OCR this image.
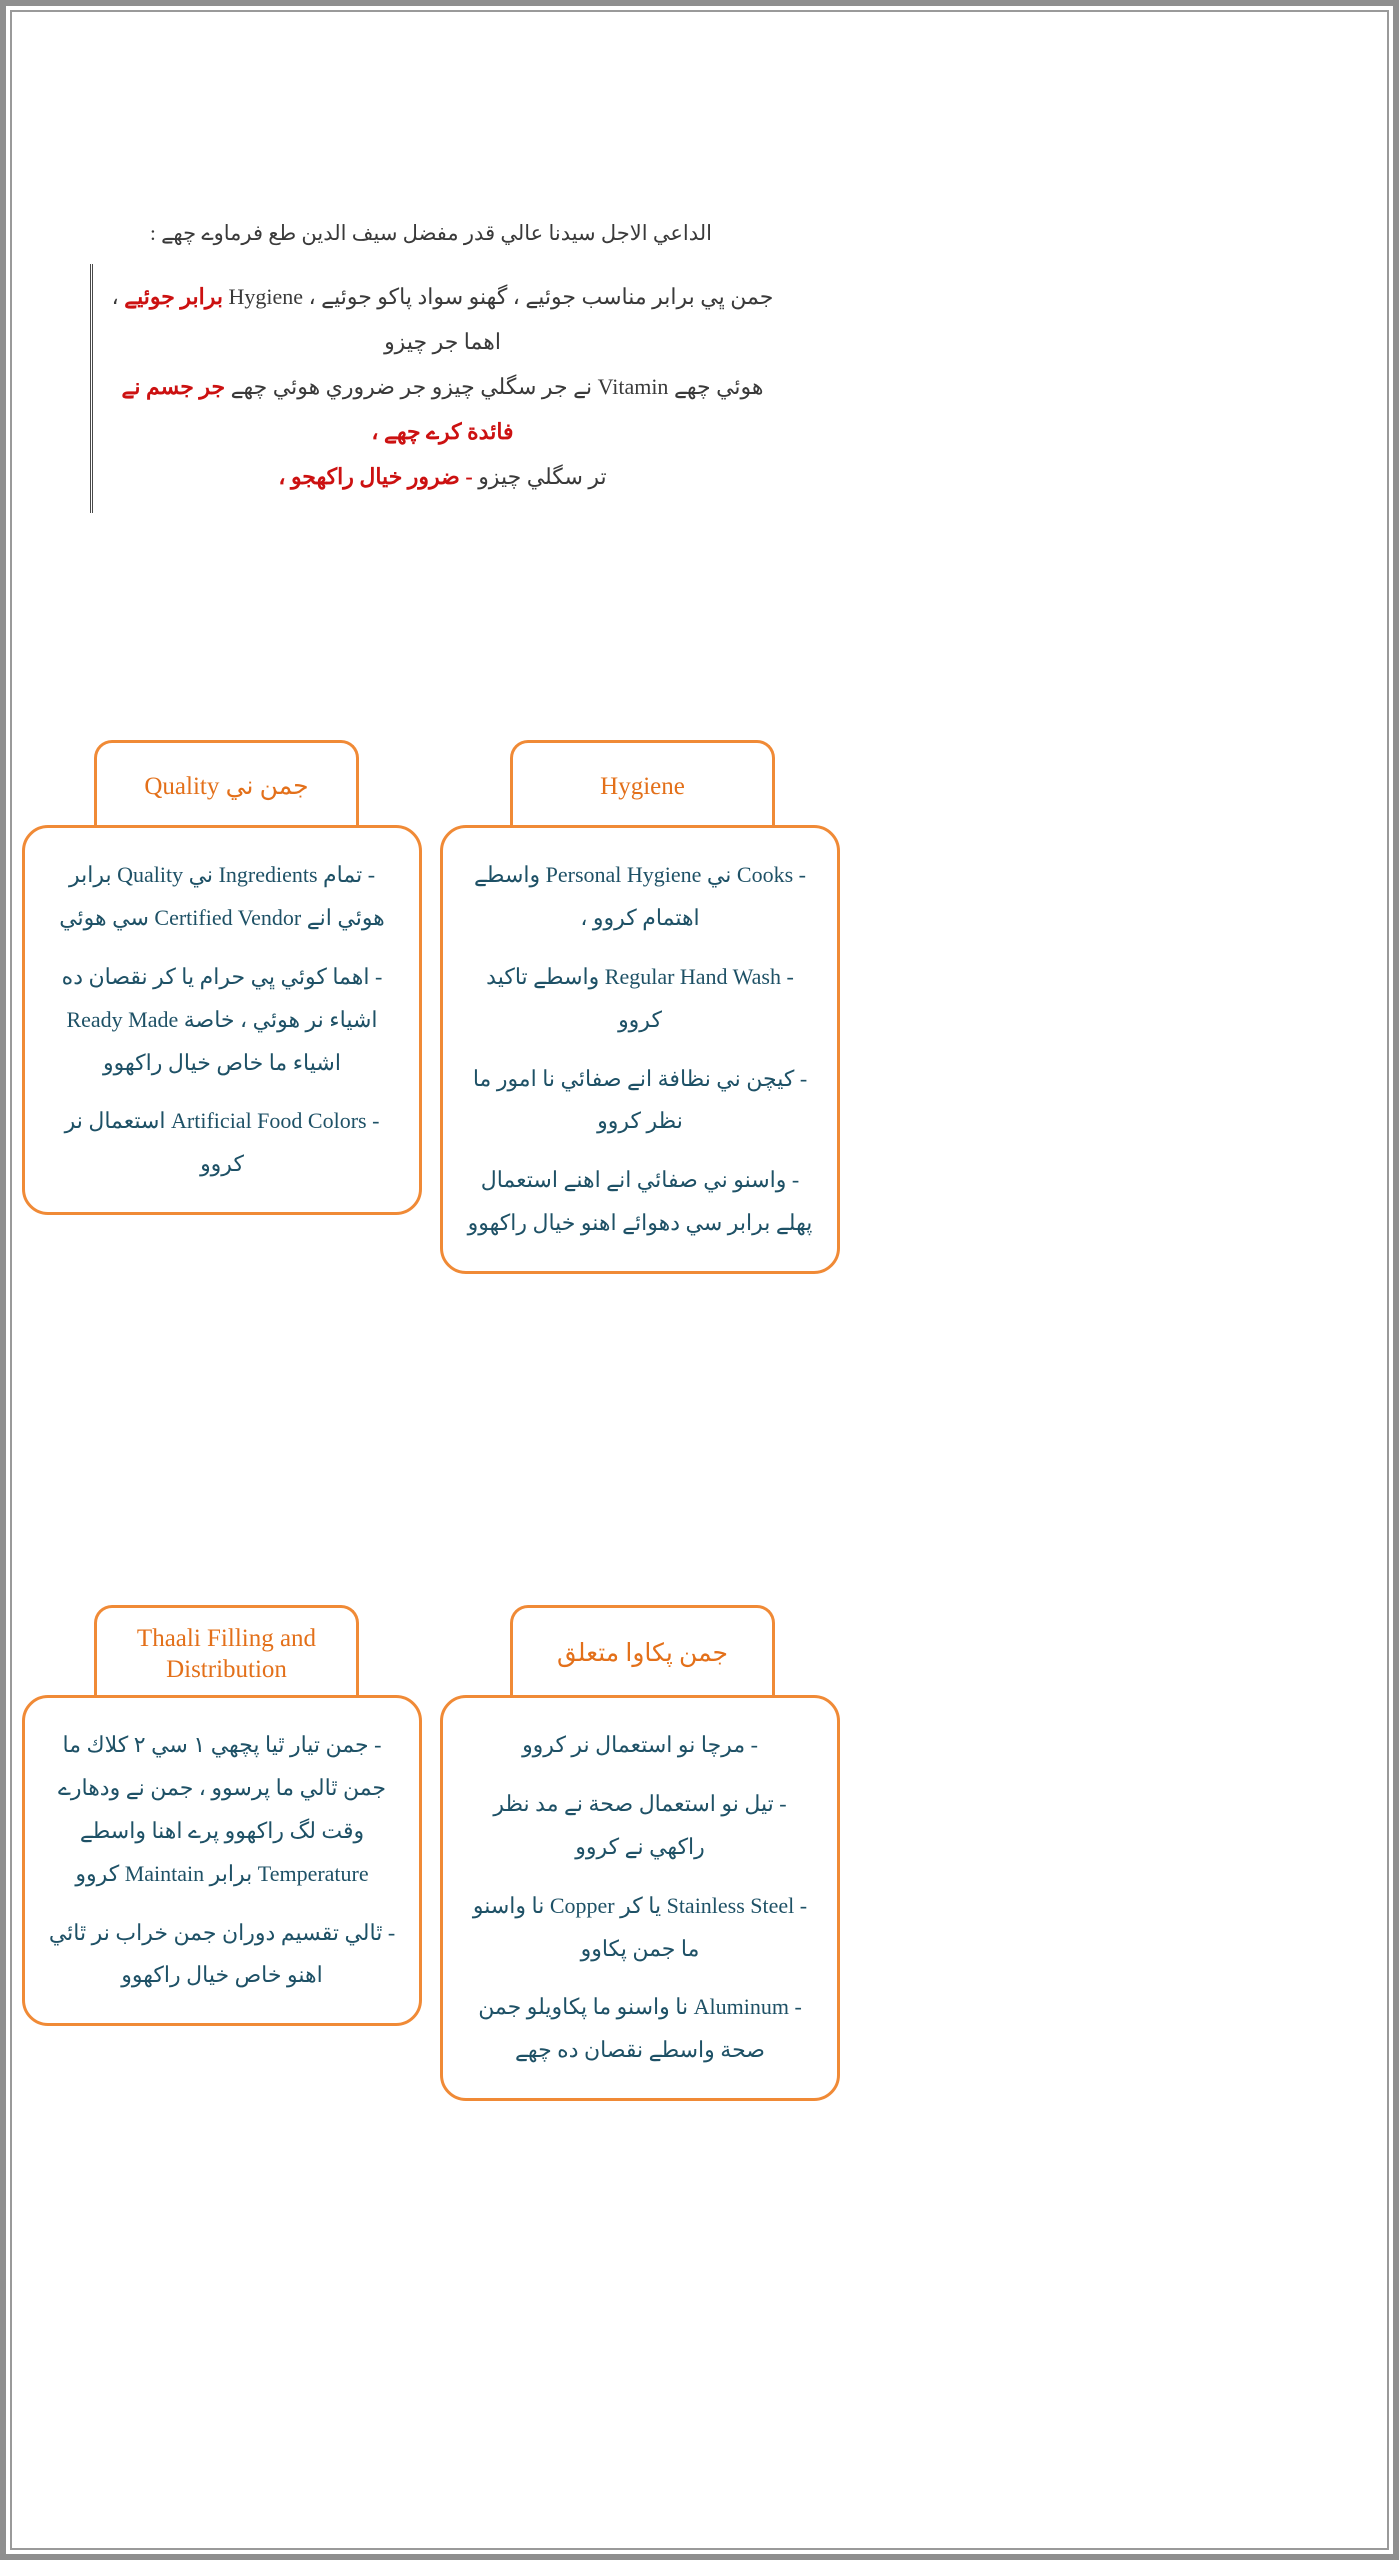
الداعي الاجل سيدنا عالي قدر مفضل سيف الدين طع فرماوے چھے :
جمن ڀي برابر مناسب جوئيے ، گھنو سواد پاكو جوئيے ، Hygiene برابر جوئيے ، اهما جر چيزو
هوئي چھے Vitamin نے جر سگلي چيزو جر ضروري هوئي چھے جر جسم نے فائدة كرے چھے ،
تر سگلي چيزو - ضرور خيال راكھجو ،
جمن ني Quality
- تمام Ingredients ني Quality برابر هوئي انے Certified Vendor سي هوئي
- اهما كوئي ڀي حرام يا كر نقصان ده اشياء نر هوئي ، خاصة Ready Made اشياء ما خاص خيال راكھوو
- Artificial Food Colors استعمال نر كروو
Hygiene
- Cooks ني Personal Hygiene واسطے اهتمام كروو ،
- Regular Hand Wash واسطے تاكيد كروو
- كيچن ني نظافة انے صفائي نا امور ما نظر كروو
- واسنو ني صفائي انے اهنے استعمال پهلے برابر سي دھوائے اهنو خيال راكھوو
Thaali Filling and Distribution
- جمن تيار ٿيا پچھي ١ سي ٢ كلاك ما جمن ٿالي ما پرسوو ، جمن نے ودھارے وقت لگ راكھوو پرے اهنا واسطے Temperature برابر Maintain كروو
- ٿالي تقسيم دوران جمن خراب نر ٿائي اهنو خاص خيال راكھوو
جمن پكاوا متعلق
- مرچا نو استعمال نر كروو
- تيل نو استعمال صحة نے مد نظر راكھي نے كروو
- Stainless Steel يا كر Copper نا واسنو ما جمن پكاوو
- Aluminum نا واسنو ما پكاويلو جمن صحة واسطے نقصان ده چھے
